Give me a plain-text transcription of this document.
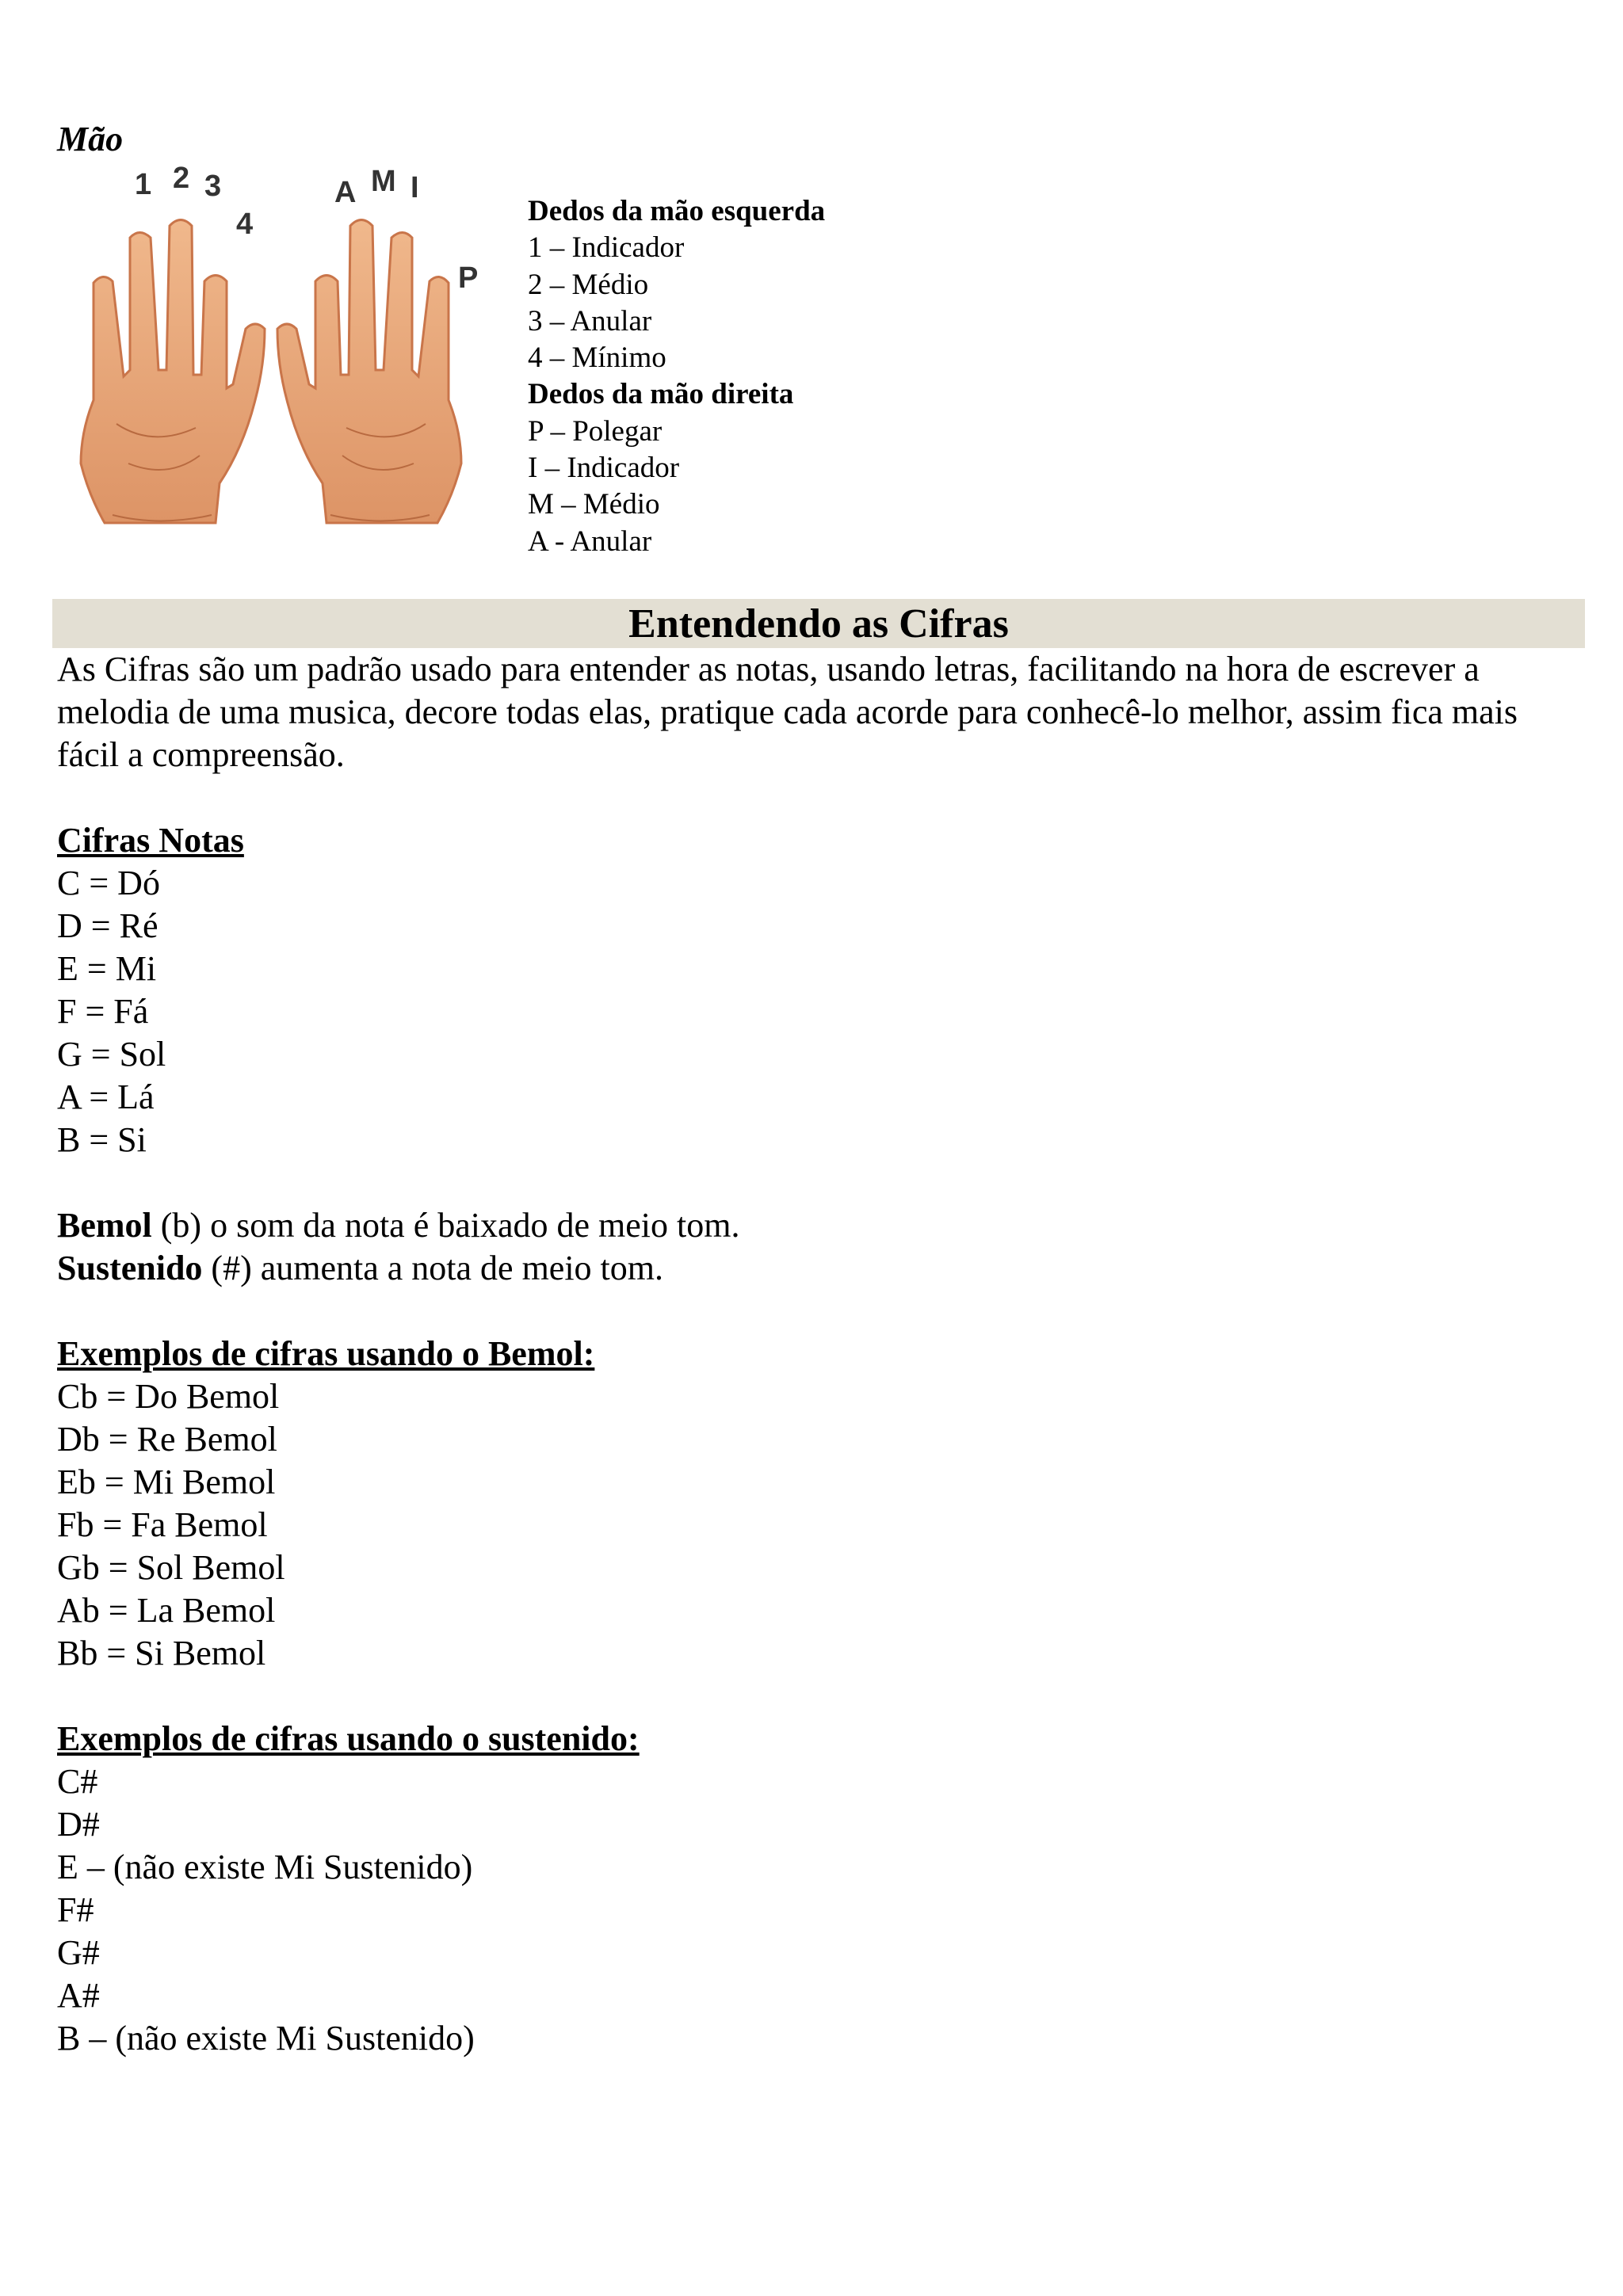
Mão
1 2 3
4
A M I
P
Dedos da mão esquerda
1 – Indicador
2 – Médio
3 – Anular
4 – Mínimo
Dedos da mão direita
P – Polegar
I – Indicador
M – Médio
A - Anular
Entendendo as Cifras

As Cifras são um padrão usado para entender as notas, usando letras, facilitando na hora de escrever a melodia de uma musica, decore todas elas, pratique cada acorde para conhecê-lo melhor, assim fica mais fácil a compreensão.

Cifras Notas
C = Dó
D = Ré
E = Mi
F = Fá
G = Sol
A = Lá
B = Si
Bemol (b) o som da nota é baixado de meio tom.
Sustenido (#) aumenta a nota de meio tom.
Exemplos de cifras usando o Bemol:
Cb = Do Bemol
Db = Re Bemol
Eb = Mi Bemol
Fb = Fa Bemol
Gb = Sol Bemol
Ab = La Bemol
Bb = Si Bemol
Exemplos de cifras usando o sustenido:
C#
D#
E – (não existe Mi Sustenido)
F#
G#
A#
B – (não existe Mi Sustenido)
